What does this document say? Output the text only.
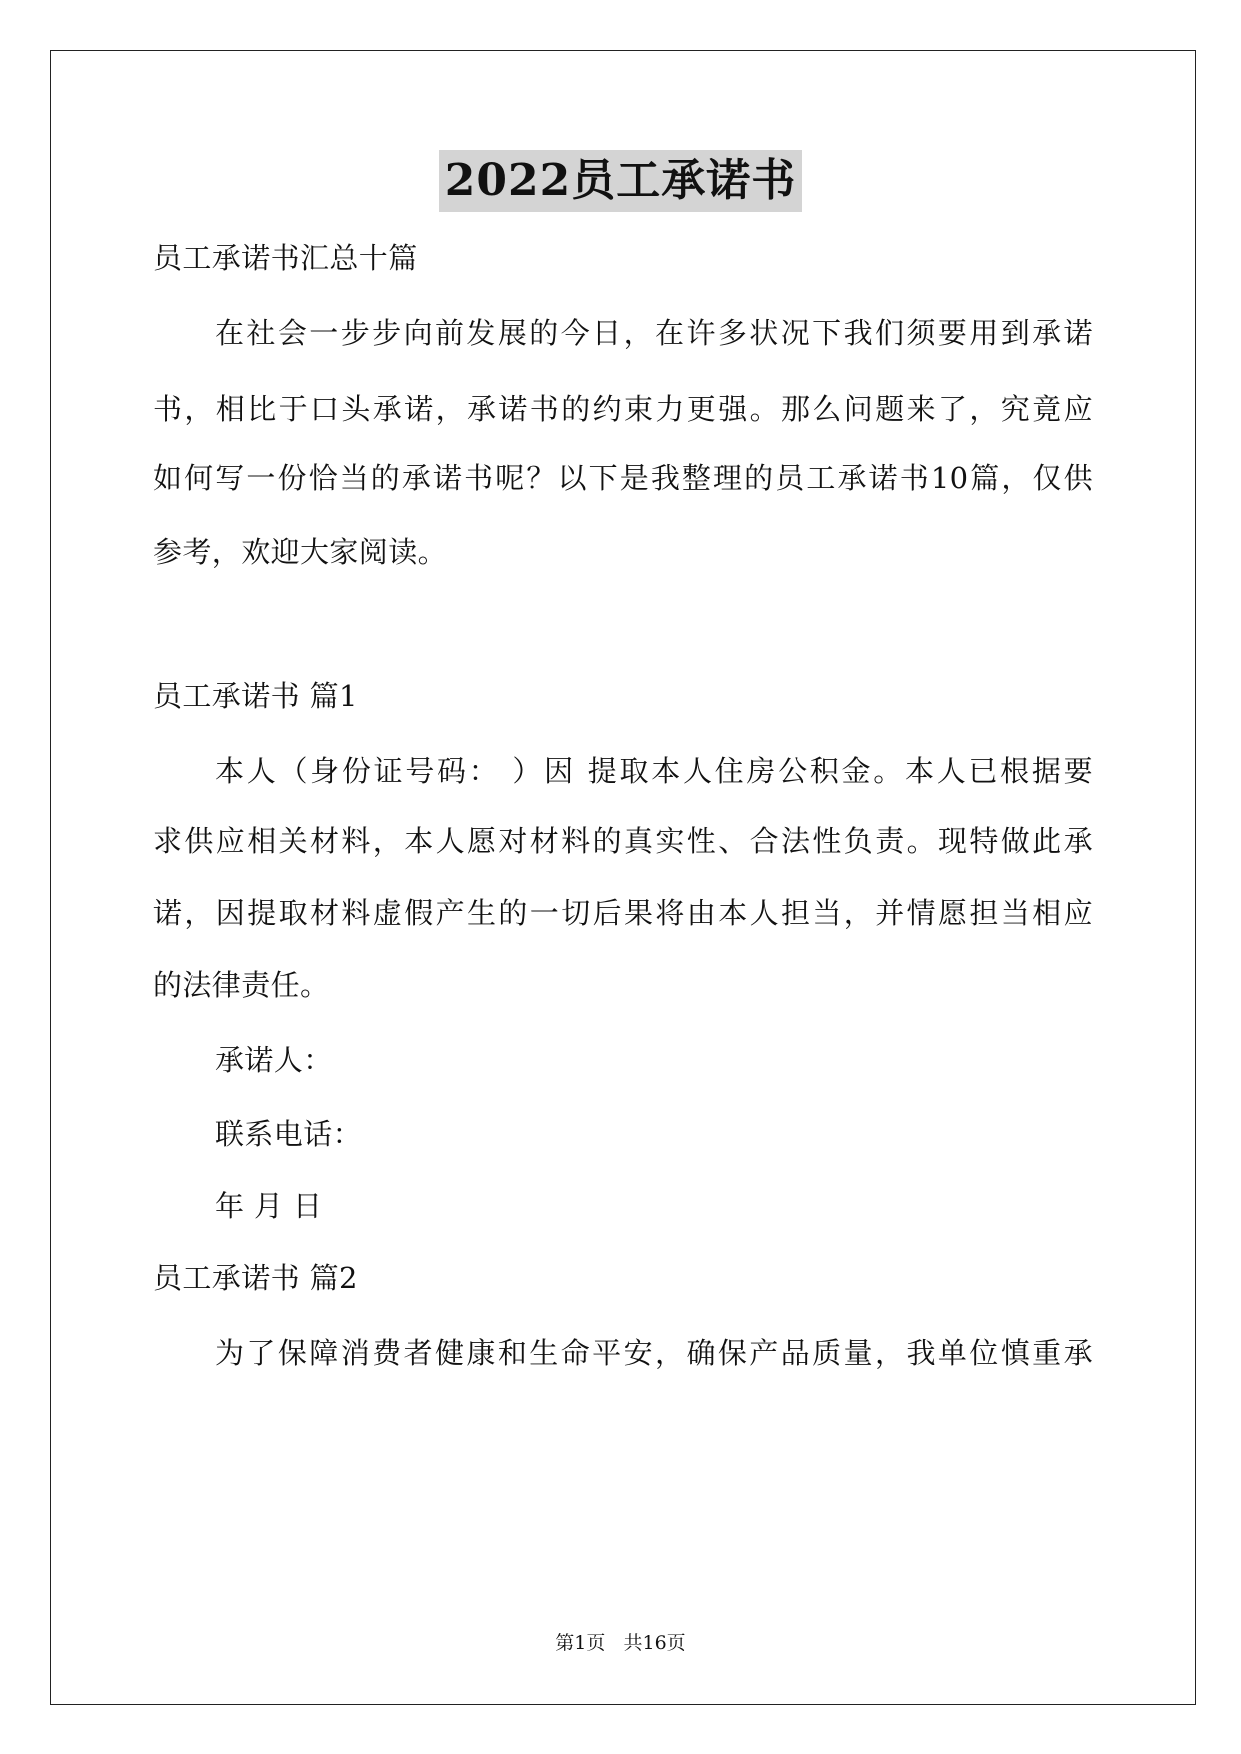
2022员工承诺书
员工承诺书汇总十篇
在社会一步步向前发展的今日，在许多状况下我们须要用到承诺
书，相比于口头承诺，承诺书的约束力更强。那么问题来了，究竟应
如何写一份恰当的承诺书呢？以下是我整理的员工承诺书10篇，仅供
参考，欢迎大家阅读。
员工承诺书 篇1
本人（身份证号码： ）因 提取本人住房公积金。本人已根据要
求供应相关材料，本人愿对材料的真实性、合法性负责。现特做此承
诺，因提取材料虚假产生的一切后果将由本人担当，并情愿担当相应
的法律责任。
承诺人：
联系电话：
年 月 日
员工承诺书 篇2
为了保障消费者健康和生命平安，确保产品质量，我单位慎重承
第1页   共16页
